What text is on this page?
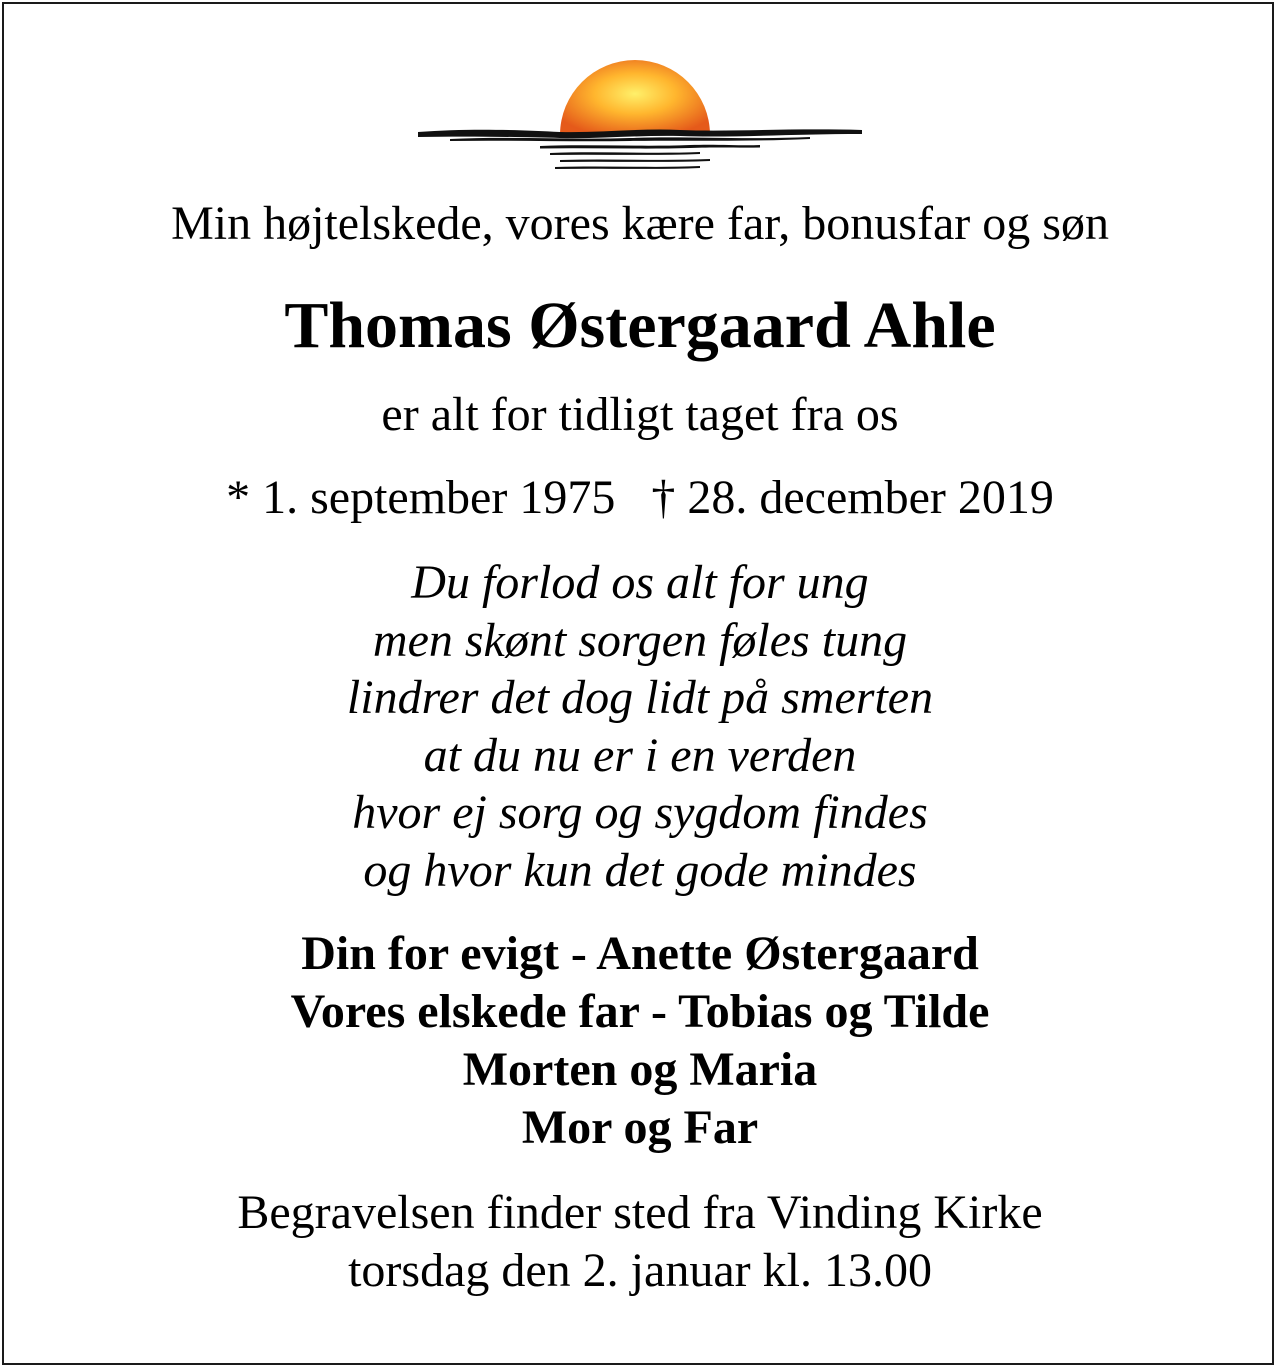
Min højtelskede, vores kære far, bonusfar og søn
Thomas Østergaard Ahle
er alt for tidligt taget fra os
* 1. september 1975 † 28. december 2019
Du forlod os alt for ung
men skønt sorgen føles tung
lindrer det dog lidt på smerten
at du nu er i en verden
hvor ej sorg og sygdom findes
og hvor kun det gode mindes
Din for evigt - Anette Østergaard
Vores elskede far - Tobias og Tilde
Morten og Maria
Mor og Far
Begravelsen finder sted fra Vinding Kirke
torsdag den 2. januar kl. 13.00
